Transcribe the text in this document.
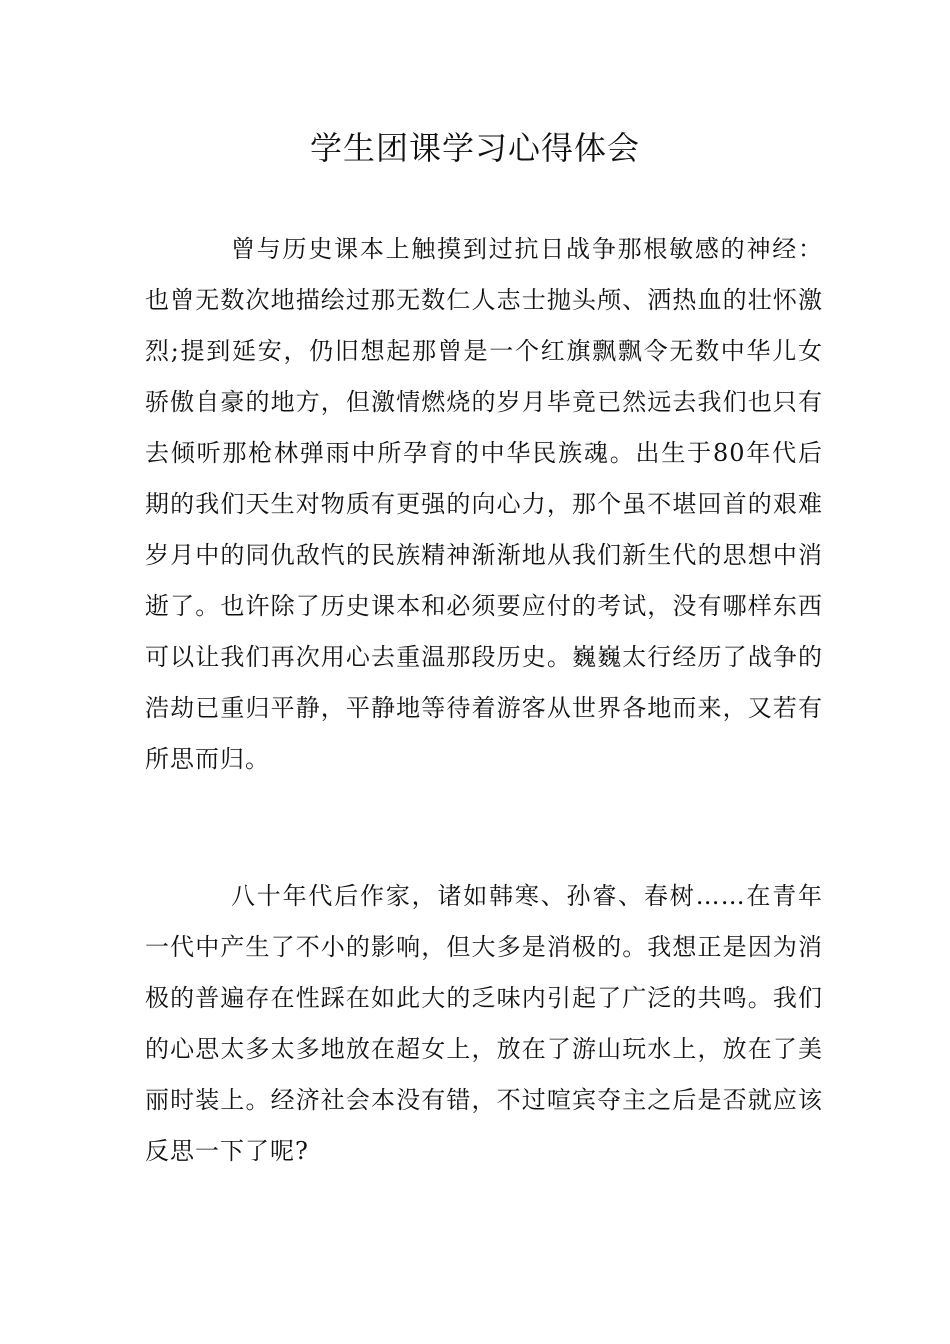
学生团课学习心得体会

曾与历史课本上触摸到过抗日战争那根敏感的神经：也曾无数次地描绘过那无数仁人志士抛头颅、洒热血的壮怀激烈;提到延安，仍旧想起那曾是一个红旗飘飘令无数中华儿女骄傲自豪的地方，但激情燃烧的岁月毕竟已然远去我们也只有去倾听那枪林弹雨中所孕育的中华民族魂。出生于80年代后期的我们天生对物质有更强的向心力，那个虽不堪回首的艰难岁月中的同仇敌忾的民族精神渐渐地从我们新生代的思想中消逝了。也许除了历史课本和必须要应付的考试，没有哪样东西可以让我们再次用心去重温那段历史。巍巍太行经历了战争的浩劫已重归平静，平静地等待着游客从世界各地而来，又若有所思而归。

八十年代后作家，诸如韩寒、孙睿、春树……在青年一代中产生了不小的影响，但大多是消极的。我想正是因为消极的普遍存在性踩在如此大的乏味内引起了广泛的共鸣。我们的心思太多太多地放在超女上，放在了游山玩水上，放在了美丽时装上。经济社会本没有错，不过喧宾夺主之后是否就应该反思一下了呢?
